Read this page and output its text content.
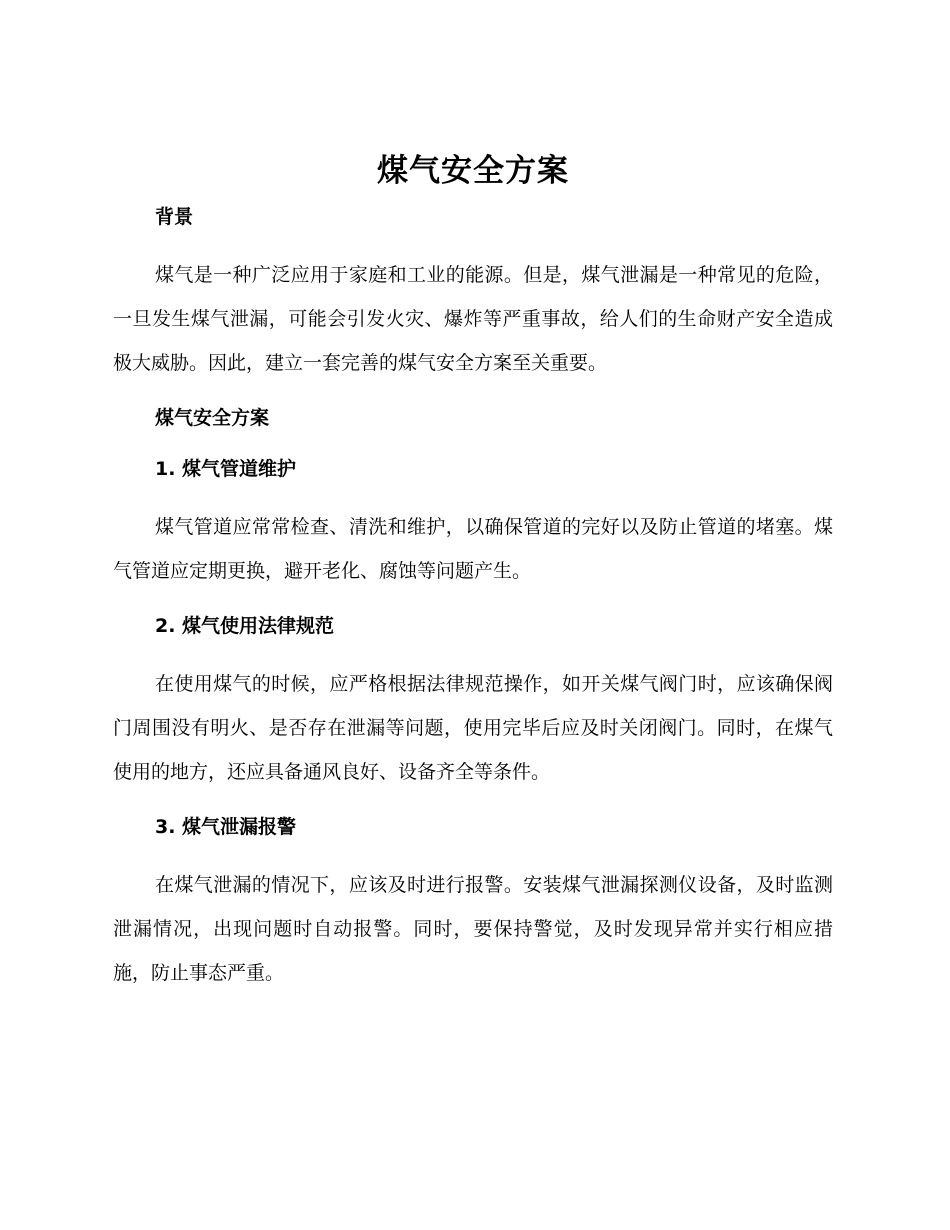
煤气安全方案

背景

煤气是一种广泛应用于家庭和工业的能源。但是，煤气泄漏是一种常见的危险，一旦发生煤气泄漏，可能会引发火灾、爆炸等严重事故，给人们的生命财产安全造成极大威胁。因此，建立一套完善的煤气安全方案至关重要。

煤气安全方案

1. 煤气管道维护

煤气管道应常常检查、清洗和维护，以确保管道的完好以及防止管道的堵塞。煤气管道应定期更换，避开老化、腐蚀等问题产生。

2. 煤气使用法律规范

在使用煤气的时候，应严格根据法律规范操作，如开关煤气阀门时，应该确保阀门周围没有明火、是否存在泄漏等问题，使用完毕后应及时关闭阀门。同时，在煤气使用的地方，还应具备通风良好、设备齐全等条件。

3. 煤气泄漏报警

在煤气泄漏的情况下，应该及时进行报警。安装煤气泄漏探测仪设备，及时监测泄漏情况，出现问题时自动报警。同时，要保持警觉，及时发现异常并实行相应措施，防止事态严重。
